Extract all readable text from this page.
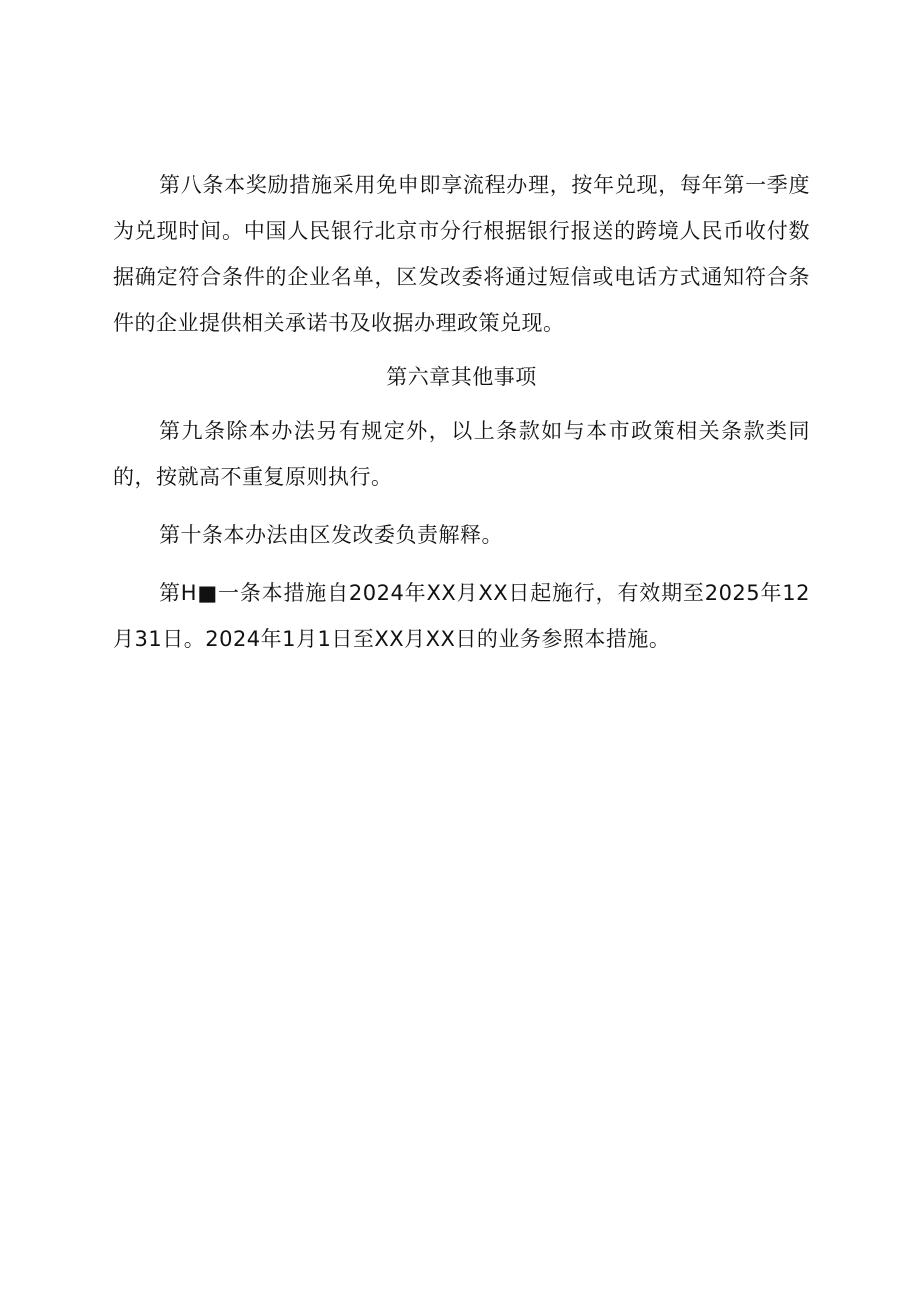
第八条本奖励措施采用免申即享流程办理，按年兑现，每年第一季度为兑现时间。中国人民银行北京市分行根据银行报送的跨境人民币收付数据确定符合条件的企业名单，区发改委将通过短信或电话方式通知符合条件的企业提供相关承诺书及收据办理政策兑现。

第六章其他事项

第九条除本办法另有规定外，以上条款如与本市政策相关条款类同的，按就高不重复原则执行。

第十条本办法由区发改委负责解释。

第H■一条本措施自2024年XX月XX日起施行，有效期至2025年12月31日。2024年1月1日至XX月XX日的业务参照本措施。
